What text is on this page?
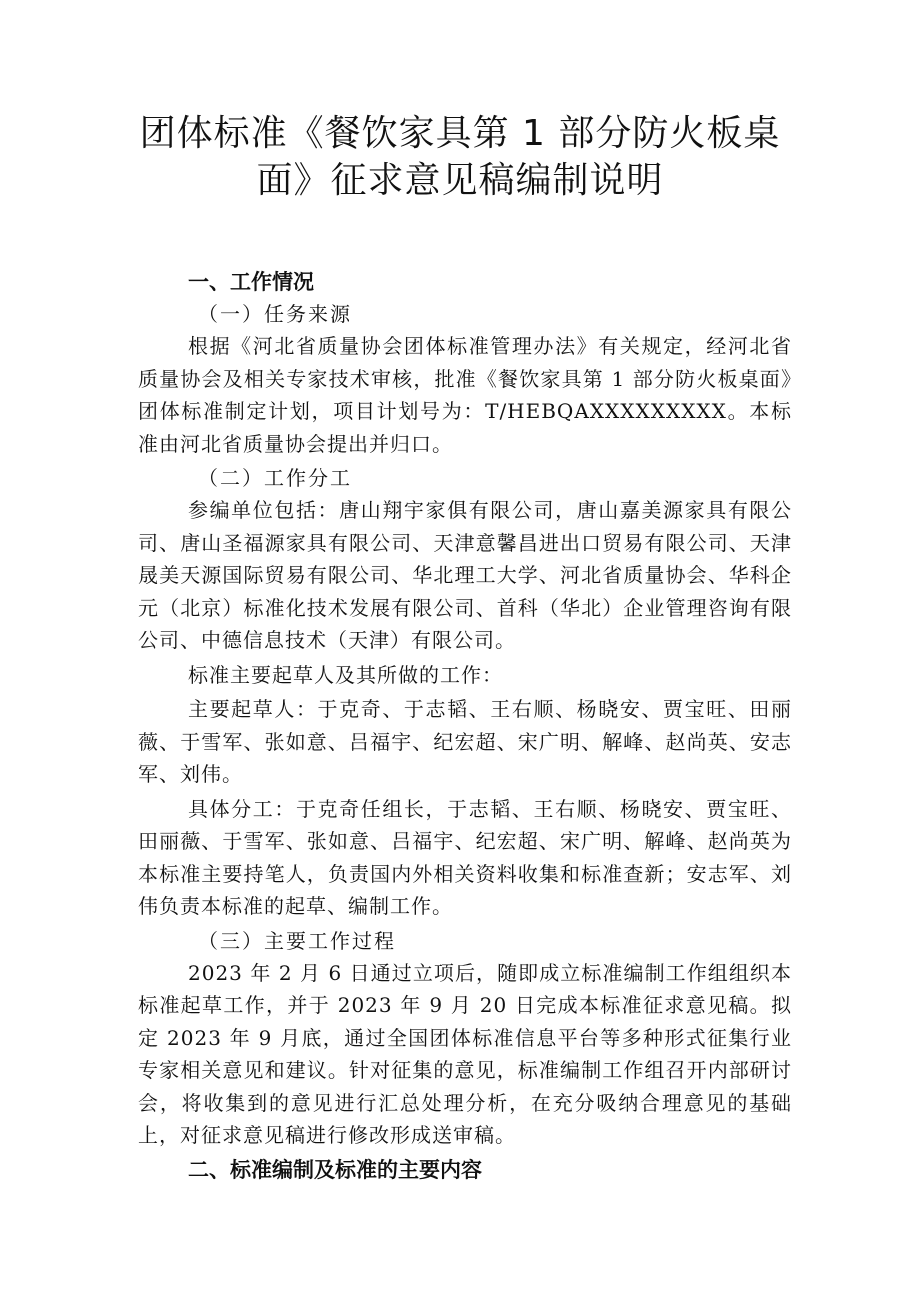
团体标准《餐饮家具第 1 部分防火板桌
面》征求意见稿编制说明
一、工作情况
（一）任务来源

根据《河北省质量协会团体标准管理办法》有关规定，经河北省质量协会及相关专家技术审核，批准《餐饮家具第 1 部分防火板桌面》团体标准制定计划，项目计划号为：T/HEBQAXXXXXXXXX。本标准由河北省质量协会提出并归口。

（二）工作分工

参编单位包括：唐山翔宇家俱有限公司，唐山嘉美源家具有限公司、唐山圣福源家具有限公司、天津意馨昌进出口贸易有限公司、天津晟美天源国际贸易有限公司、华北理工大学、河北省质量协会、华科企元（北京）标准化技术发展有限公司、首科（华北）企业管理咨询有限公司、中德信息技术（天津）有限公司。

标准主要起草人及其所做的工作：

主要起草人：于克奇、于志韬、王右顺、杨晓安、贾宝旺、田丽薇、于雪军、张如意、吕福宇、纪宏超、宋广明、解峰、赵尚英、安志军、刘伟。

具体分工：于克奇任组长，于志韬、王右顺、杨晓安、贾宝旺、田丽薇、于雪军、张如意、吕福宇、纪宏超、宋广明、解峰、赵尚英为本标准主要持笔人，负责国内外相关资料收集和标准查新；安志军、刘伟负责本标准的起草、编制工作。

（三）主要工作过程

2023 年 2 月 6 日通过立项后，随即成立标准编制工作组组织本标准起草工作，并于 2023 年 9 月 20 日完成本标准征求意见稿。拟定 2023 年 9 月底，通过全国团体标准信息平台等多种形式征集行业专家相关意见和建议。针对征集的意见，标准编制工作组召开内部研讨会，将收集到的意见进行汇总处理分析，在充分吸纳合理意见的基础上，对征求意见稿进行修改形成送审稿。

二、标准编制及标准的主要内容
